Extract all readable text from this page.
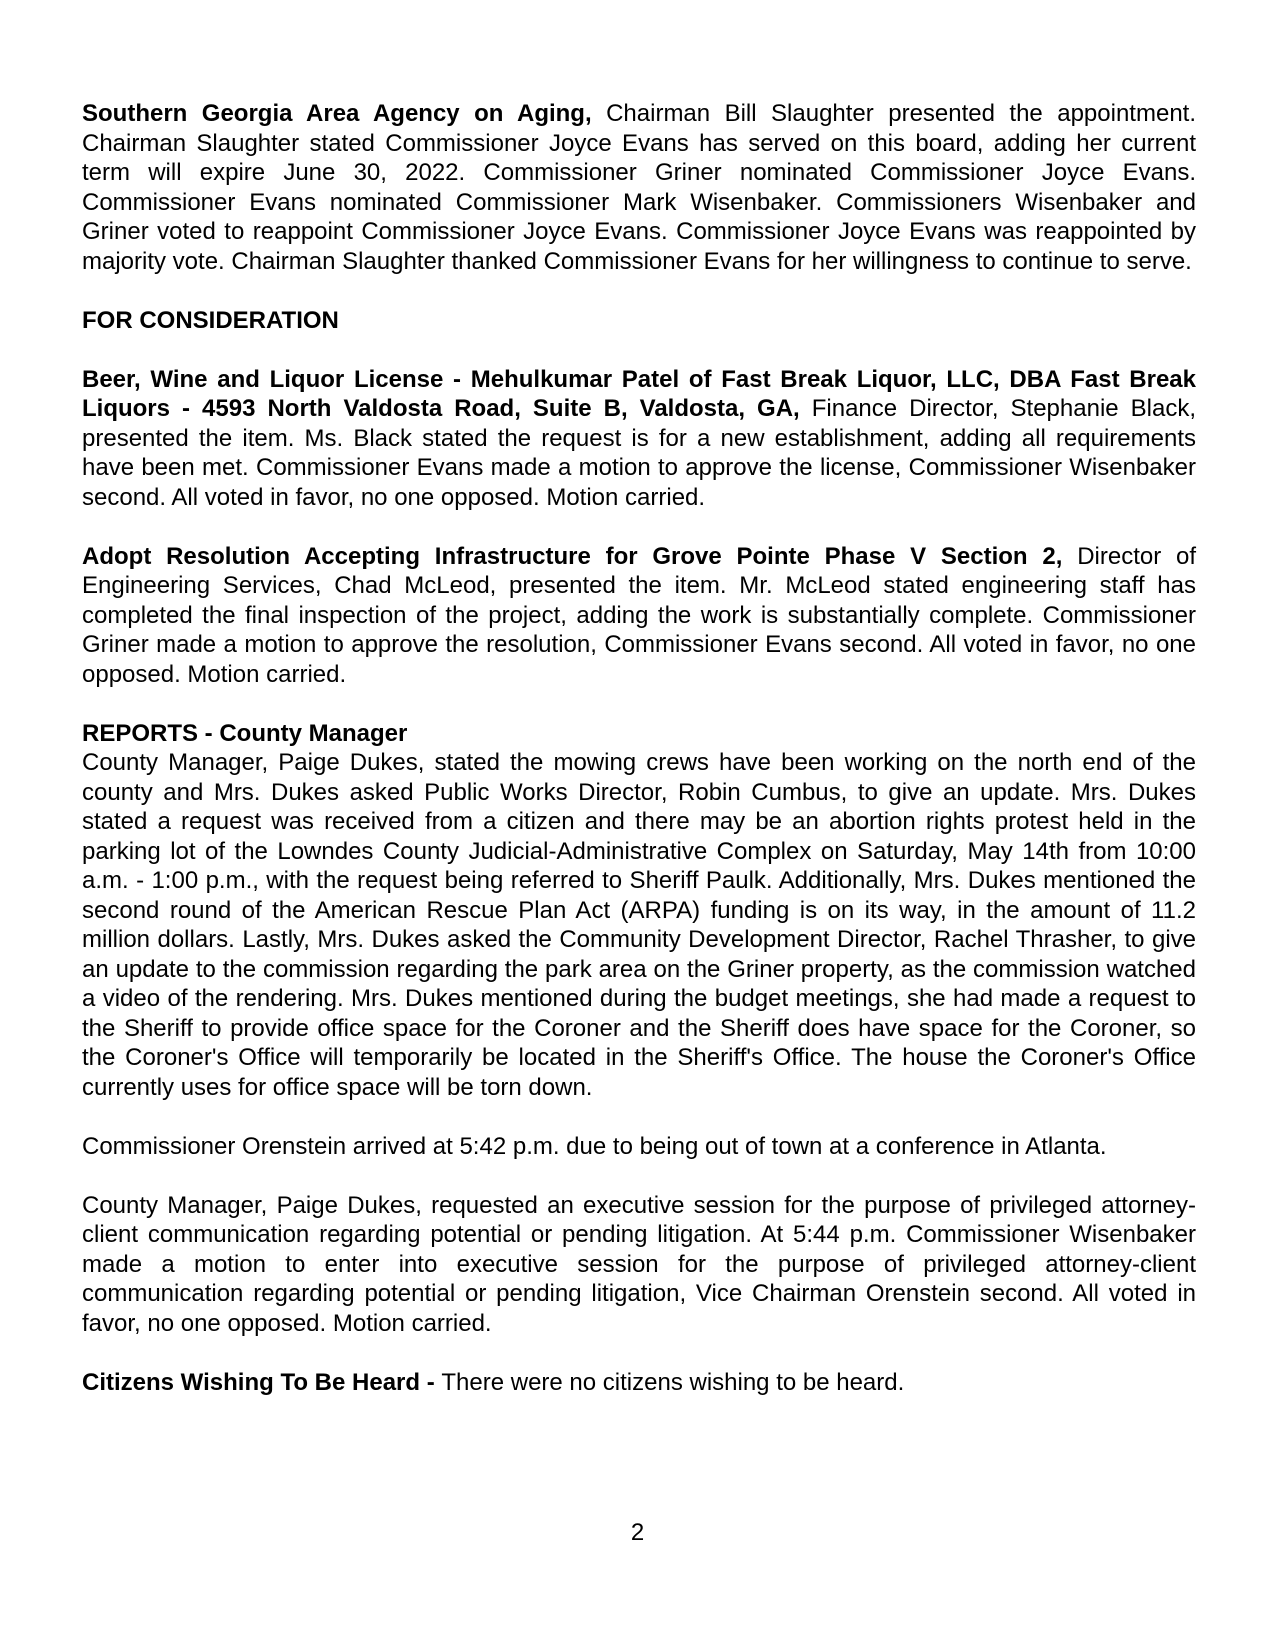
Southern Georgia Area Agency on Aging, Chairman Bill Slaughter presented the appointment. Chairman Slaughter stated Commissioner Joyce Evans has served on this board, adding her current term will expire June 30, 2022. Commissioner Griner nominated Commissioner Joyce Evans. Commissioner Evans nominated Commissioner Mark Wisenbaker. Commissioners Wisenbaker and Griner voted to reappoint Commissioner Joyce Evans. Commissioner Joyce Evans was reappointed by majority vote. Chairman Slaughter thanked Commissioner Evans for her willingness to continue to serve.

FOR CONSIDERATION

Beer, Wine and Liquor License - Mehulkumar Patel of Fast Break Liquor, LLC, DBA Fast Break Liquors - 4593 North Valdosta Road, Suite B, Valdosta, GA, Finance Director, Stephanie Black, presented the item. Ms. Black stated the request is for a new establishment, adding all requirements have been met. Commissioner Evans made a motion to approve the license, Commissioner Wisenbaker second. All voted in favor, no one opposed. Motion carried.

Adopt Resolution Accepting Infrastructure for Grove Pointe Phase V Section 2, Director of Engineering Services, Chad McLeod, presented the item. Mr. McLeod stated engineering staff has completed the final inspection of the project, adding the work is substantially complete. Commissioner Griner made a motion to approve the resolution, Commissioner Evans second. All voted in favor, no one opposed. Motion carried.

REPORTS - County Manager

County Manager, Paige Dukes, stated the mowing crews have been working on the north end of the county and Mrs. Dukes asked Public Works Director, Robin Cumbus, to give an update. Mrs. Dukes stated a request was received from a citizen and there may be an abortion rights protest held in the parking lot of the Lowndes County Judicial-Administrative Complex on Saturday, May 14th from 10:00 a.m. - 1:00 p.m., with the request being referred to Sheriff Paulk. Additionally, Mrs. Dukes mentioned the second round of the American Rescue Plan Act (ARPA) funding is on its way, in the amount of 11.2 million dollars. Lastly, Mrs. Dukes asked the Community Development Director, Rachel Thrasher, to give an update to the commission regarding the park area on the Griner property, as the commission watched a video of the rendering. Mrs. Dukes mentioned during the budget meetings, she had made a request to the Sheriff to provide office space for the Coroner and the Sheriff does have space for the Coroner, so the Coroner's Office will temporarily be located in the Sheriff's Office. The house the Coroner's Office currently uses for office space will be torn down.

Commissioner Orenstein arrived at 5:42 p.m. due to being out of town at a conference in Atlanta.

County Manager, Paige Dukes, requested an executive session for the purpose of privileged attorney-client communication regarding potential or pending litigation. At 5:44 p.m. Commissioner Wisenbaker made a motion to enter into executive session for the purpose of privileged attorney-client communication regarding potential or pending litigation, Vice Chairman Orenstein second. All voted in favor, no one opposed. Motion carried.

Citizens Wishing To Be Heard - There were no citizens wishing to be heard.

2
